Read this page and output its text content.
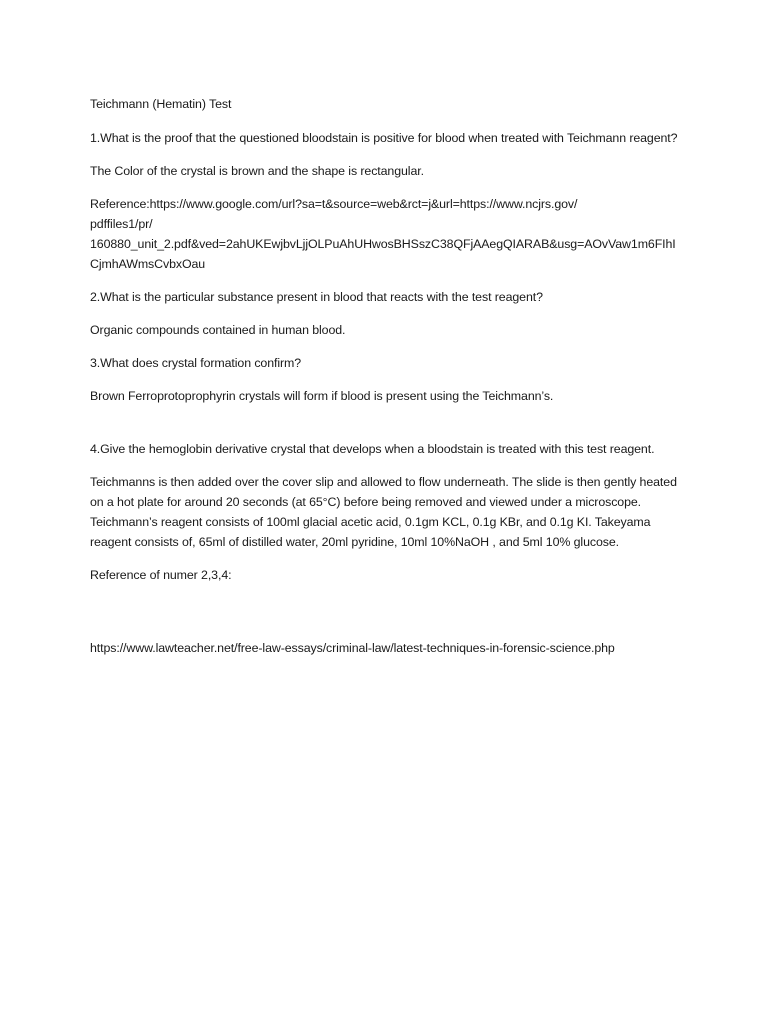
Teichmann (Hematin) Test

1.What is the proof that the questioned bloodstain is positive for blood when treated with Teichmann reagent?

The Color of the crystal is brown and the shape is rectangular.

Reference:https://www.google.com/url?sa=t&source=web&rct=j&url=https://www.ncjrs.gov/
pdffiles1/pr/
160880_unit_2.pdf&ved=2ahUKEwjbvLjjOLPuAhUHwosBHSszC38QFjAAegQIARAB&usg=AOvVaw1m6FIhI
CjmhAWmsCvbxOau

2.What is the particular substance present in blood that reacts with the test reagent?

Organic compounds contained in human blood.

3.What does crystal formation confirm?

Brown Ferroprotoprophyrin crystals will form if blood is present using the Teichmann’s.

4.Give the hemoglobin derivative crystal that develops when a bloodstain is treated with this test reagent.

Teichmanns is then added over the cover slip and allowed to flow underneath. The slide is then gently heated on a hot plate for around 20 seconds (at 65°C) before being removed and viewed under a microscope. Teichmann’s reagent consists of 100ml glacial acetic acid, 0.1gm KCL, 0.1g KBr, and 0.1g KI. Takeyama reagent consists of, 65ml of distilled water, 20ml pyridine, 10ml 10%NaOH , and 5ml 10% glucose.

Reference of numer 2,3,4:

https://www.lawteacher.net/free-law-essays/criminal-law/latest-techniques-in-forensic-science.php
